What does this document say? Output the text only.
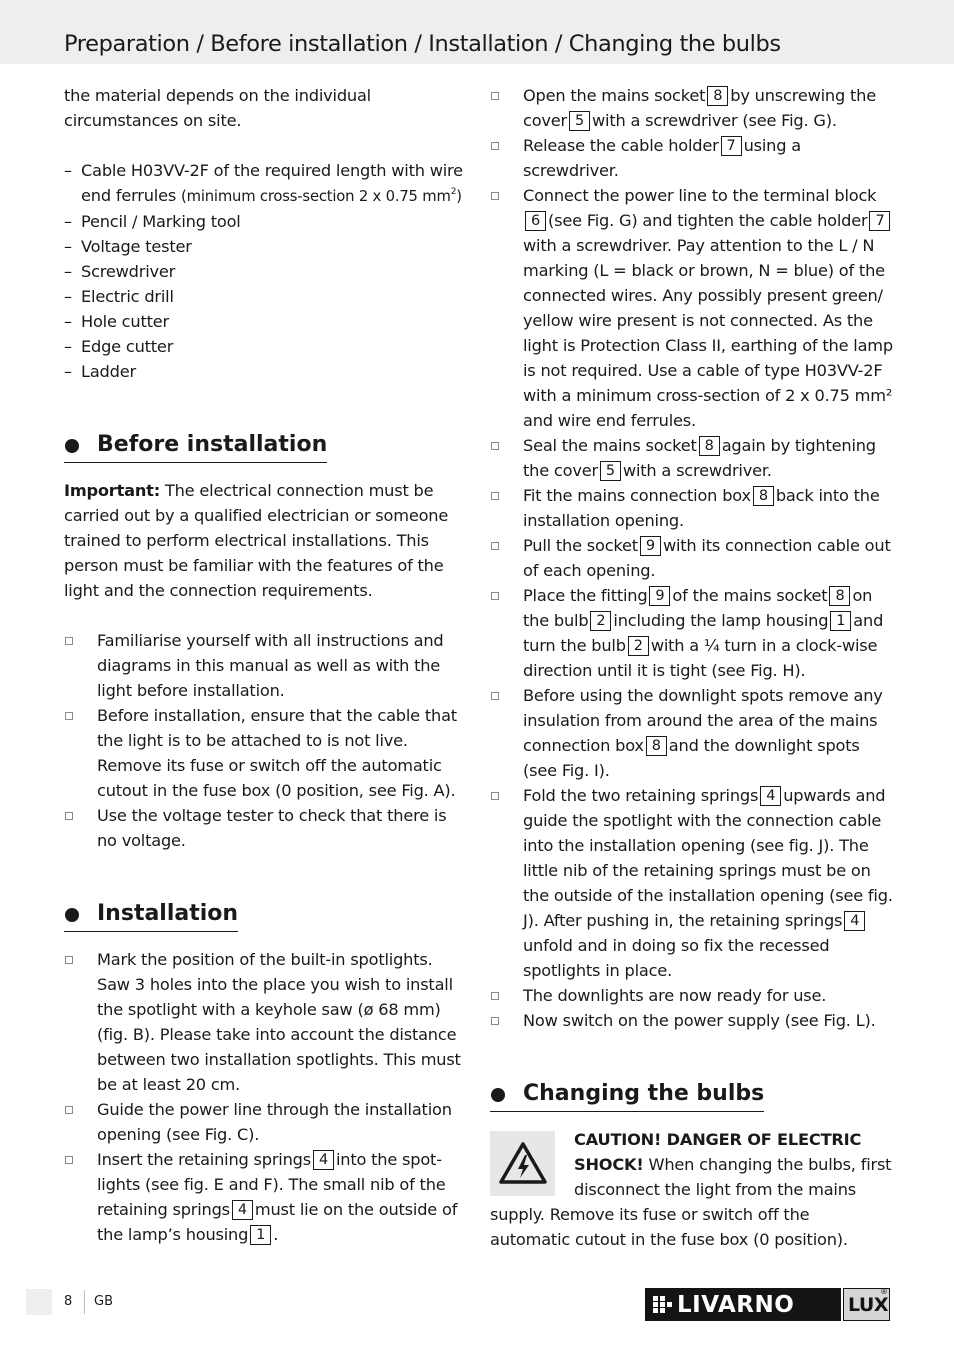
Preparation / Before installation / Installation / Changing the bulbs

the material depends on the individual circumstances on site.

– Cable H03VV-2F of the required length with wire end ferrules (minimum cross-section 2 x 0.75 $mm^2$)
– Pencil / Marking tool
– Voltage tester
– Screwdriver
– Electric drill
– Hole cutter
– Edge cutter
– Ladder
Before installation

Important: The electrical connection must be carried out by a qualified electrician or someone trained to perform electrical installations. This person must be familiar with the features of the light and the connection requirements.

Familiarise yourself with all instructions and diagrams in this manual as well as with the light before installation.
Before installation, ensure that the cable that the light is to be attached to is not live. Remove its fuse or switch off the automatic cutout in the fuse box (0 position, see Fig. A).
Use the voltage tester to check that there is no voltage.
Installation
Mark the position of the built-in spotlights. Saw 3 holes into the place you wish to install the spotlight with a keyhole saw (ø 68 mm) (fig. B). Please take into account the distance between two installation spotlights. This must be at least 20 cm.
Guide the power line through the installation opening (see Fig. C).
Insert the retaining springs 4 into the spot-lights (see fig. E and F). The small nib of the retaining springs 4 must lie on the outside of the lamp’s housing 1 .
Open the mains socket 8 by unscrewing the cover 5 with a screwdriver (see Fig. G).
Release the cable holder 7 using a screwdriver.
Connect the power line to the terminal block6 (see Fig. G) and tighten the cable holder 7with a screwdriver. Pay attention to the L / N marking (L = black or brown, N = blue) of the connected wires. Any possibly present green/ yellow wire present is not connected. As the light is Protection Class II, earthing of the lamp is not required. Use a cable of type H03VV-2F with a minimum cross-section of 2 x 0.75 mm² and wire end ferrules.
Seal the mains socket 8 again by tightening the cover 5 with a screwdriver.
Fit the mains connection box 8 back into the installation opening.
Pull the socket 9 with its connection cable out of each opening.
Place the fitting 9 of the mains socket 8 on the bulb 2 including the lamp housing 1 and turn the bulb 2 with a ¼ turn in a clock-wise direction until it is tight (see Fig. H).
Before using the downlight spots remove any insulation from around the area of the mains connection box 8 and the downlight spots (see Fig. I).
Fold the two retaining springs 4 upwards and guide the spotlight with the connection cable into the installation opening (see fig. J). The little nib of the retaining springs must be on the outside of the installation opening (see fig. J). After pushing in, the retaining springs 4unfold and in doing so fix the recessed spotlights in place.
The downlights are now ready for use.
Now switch on the power supply (see Fig. L).
Changing the bulbs

CAUTION! DANGER OF ELECTRIC SHOCK! When changing the bulbs, first disconnect the light from the mains supply. Remove its fuse or switch off the automatic cutout in the fuse box (0 position).

8 GB	LIVARNO	LUX
®
